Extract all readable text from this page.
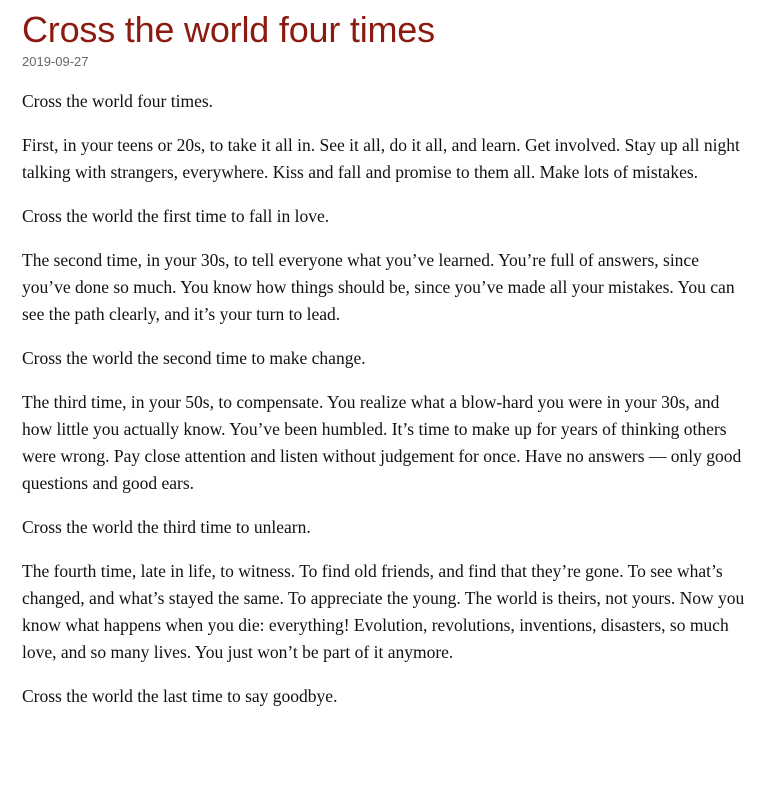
Cross the world four times
2019-09-27

Cross the world four times.

First, in your teens or 20s, to take it all in. See it all, do it all, and learn. Get involved. Stay up all night talking with strangers, everywhere. Kiss and fall and promise to them all. Make lots of mistakes.

Cross the world the first time to fall in love.

The second time, in your 30s, to tell everyone what you’ve learned. You’re full of answers, since you’ve done so much. You know how things should be, since you’ve made all your mistakes. You can see the path clearly, and it’s your turn to lead.

Cross the world the second time to make change.

The third time, in your 50s, to compensate. You realize what a blow-hard you were in your 30s, and how little you actually know. You’ve been humbled. It’s time to make up for years of thinking others were wrong. Pay close attention and listen without judgement for once. Have no answers — only good questions and good ears.

Cross the world the third time to unlearn.

The fourth time, late in life, to witness. To find old friends, and find that they’re gone. To see what’s changed, and what’s stayed the same. To appreciate the young. The world is theirs, not yours. Now you know what happens when you die: everything! Evolution, revolutions, inventions, disasters, so much love, and so many lives. You just won’t be part of it anymore.

Cross the world the last time to say goodbye.
